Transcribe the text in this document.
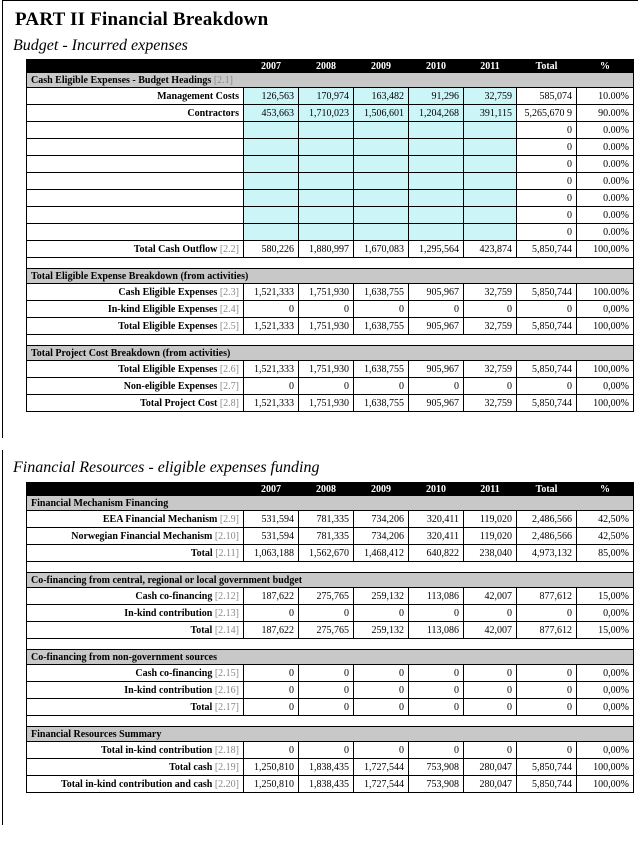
PART II Financial Breakdown
Budget - Incurred expenses
	2007	2008	2009	2010	2011	Total	%
Cash Eligible Expenses - Budget Headings [2.1]							
Management Costs	126,563	170,974	163,482	91,296	32,759	585,074	10.00%
Contractors	453,663	1,710,023	1,506,601	1,204,268	391,115	5,265,670 9	90.00%
						0	0.00%
						0	0.00%
						0	0.00%
						0	0.00%
						0	0.00%
						0	0.00%
						0	0.00%
Total Cash Outflow [2.2]	580,226	1,880,997	1,670,083	1,295,564	423,874	5,850,744	100,00%

Total Eligible Expense Breakdown (from activities)							
Cash Eligible Expenses [2.3]	1,521,333	1,751,930	1,638,755	905,967	32,759	5,850,744	100.00%
In-kind Eligible Expenses [2.4]	0	0	0	0	0	0	0,00%
Total Eligible Expenses [2.5]	1,521,333	1,751,930	1,638,755	905,967	32,759	5,850,744	100,00%

Total Project Cost Breakdown (from activities)							
Total Eligible Expenses [2.6]	1,521,333	1,751,930	1,638,755	905,967	32,759	5,850,744	100,00%
Non-eligible Expenses [2.7]	0	0	0	0	0	0	0,00%
Total Project Cost [2.8]	1,521,333	1,751,930	1,638,755	905,967	32,759	5,850,744	100,00%
Financial Resources - eligible expenses funding
	2007	2008	2009	2010	2011	Total	%
Financial Mechanism Financing							
EEA Financial Mechanism [2.9]	531,594	781,335	734,206	320,411	119,020	2,486,566	42,50%
Norwegian Financial Mechanism [2.10]	531,594	781,335	734,206	320,411	119,020	2,486,566	42,50%
Total [2.11]	1,063,188	1,562,670	1,468,412	640,822	238,040	4,973,132	85,00%

Co-financing from central, regional or local government budget							
Cash co-financing [2.12]	187,622	275,765	259,132	113,086	42,007	877,612	15,00%
In-kind contribution [2.13]	0	0	0	0	0	0	0,00%
Total [2.14]	187,622	275,765	259,132	113,086	42,007	877,612	15,00%

Co-financing from non-government sources							
Cash co-financing [2.15]	0	0	0	0	0	0	0,00%
In-kind contribution [2.16]	0	0	0	0	0	0	0,00%
Total [2.17]	0	0	0	0	0	0	0,00%

Financial Resources Summary							
Total in-kind contribution [2.18]	0	0	0	0	0	0	0,00%
Total cash [2.19]	1,250,810	1,838,435	1,727,544	753,908	280,047	5,850,744	100,00%
Total in-kind contribution and cash [2.20]	1,250,810	1,838,435	1,727,544	753,908	280,047	5,850,744	100,00%
